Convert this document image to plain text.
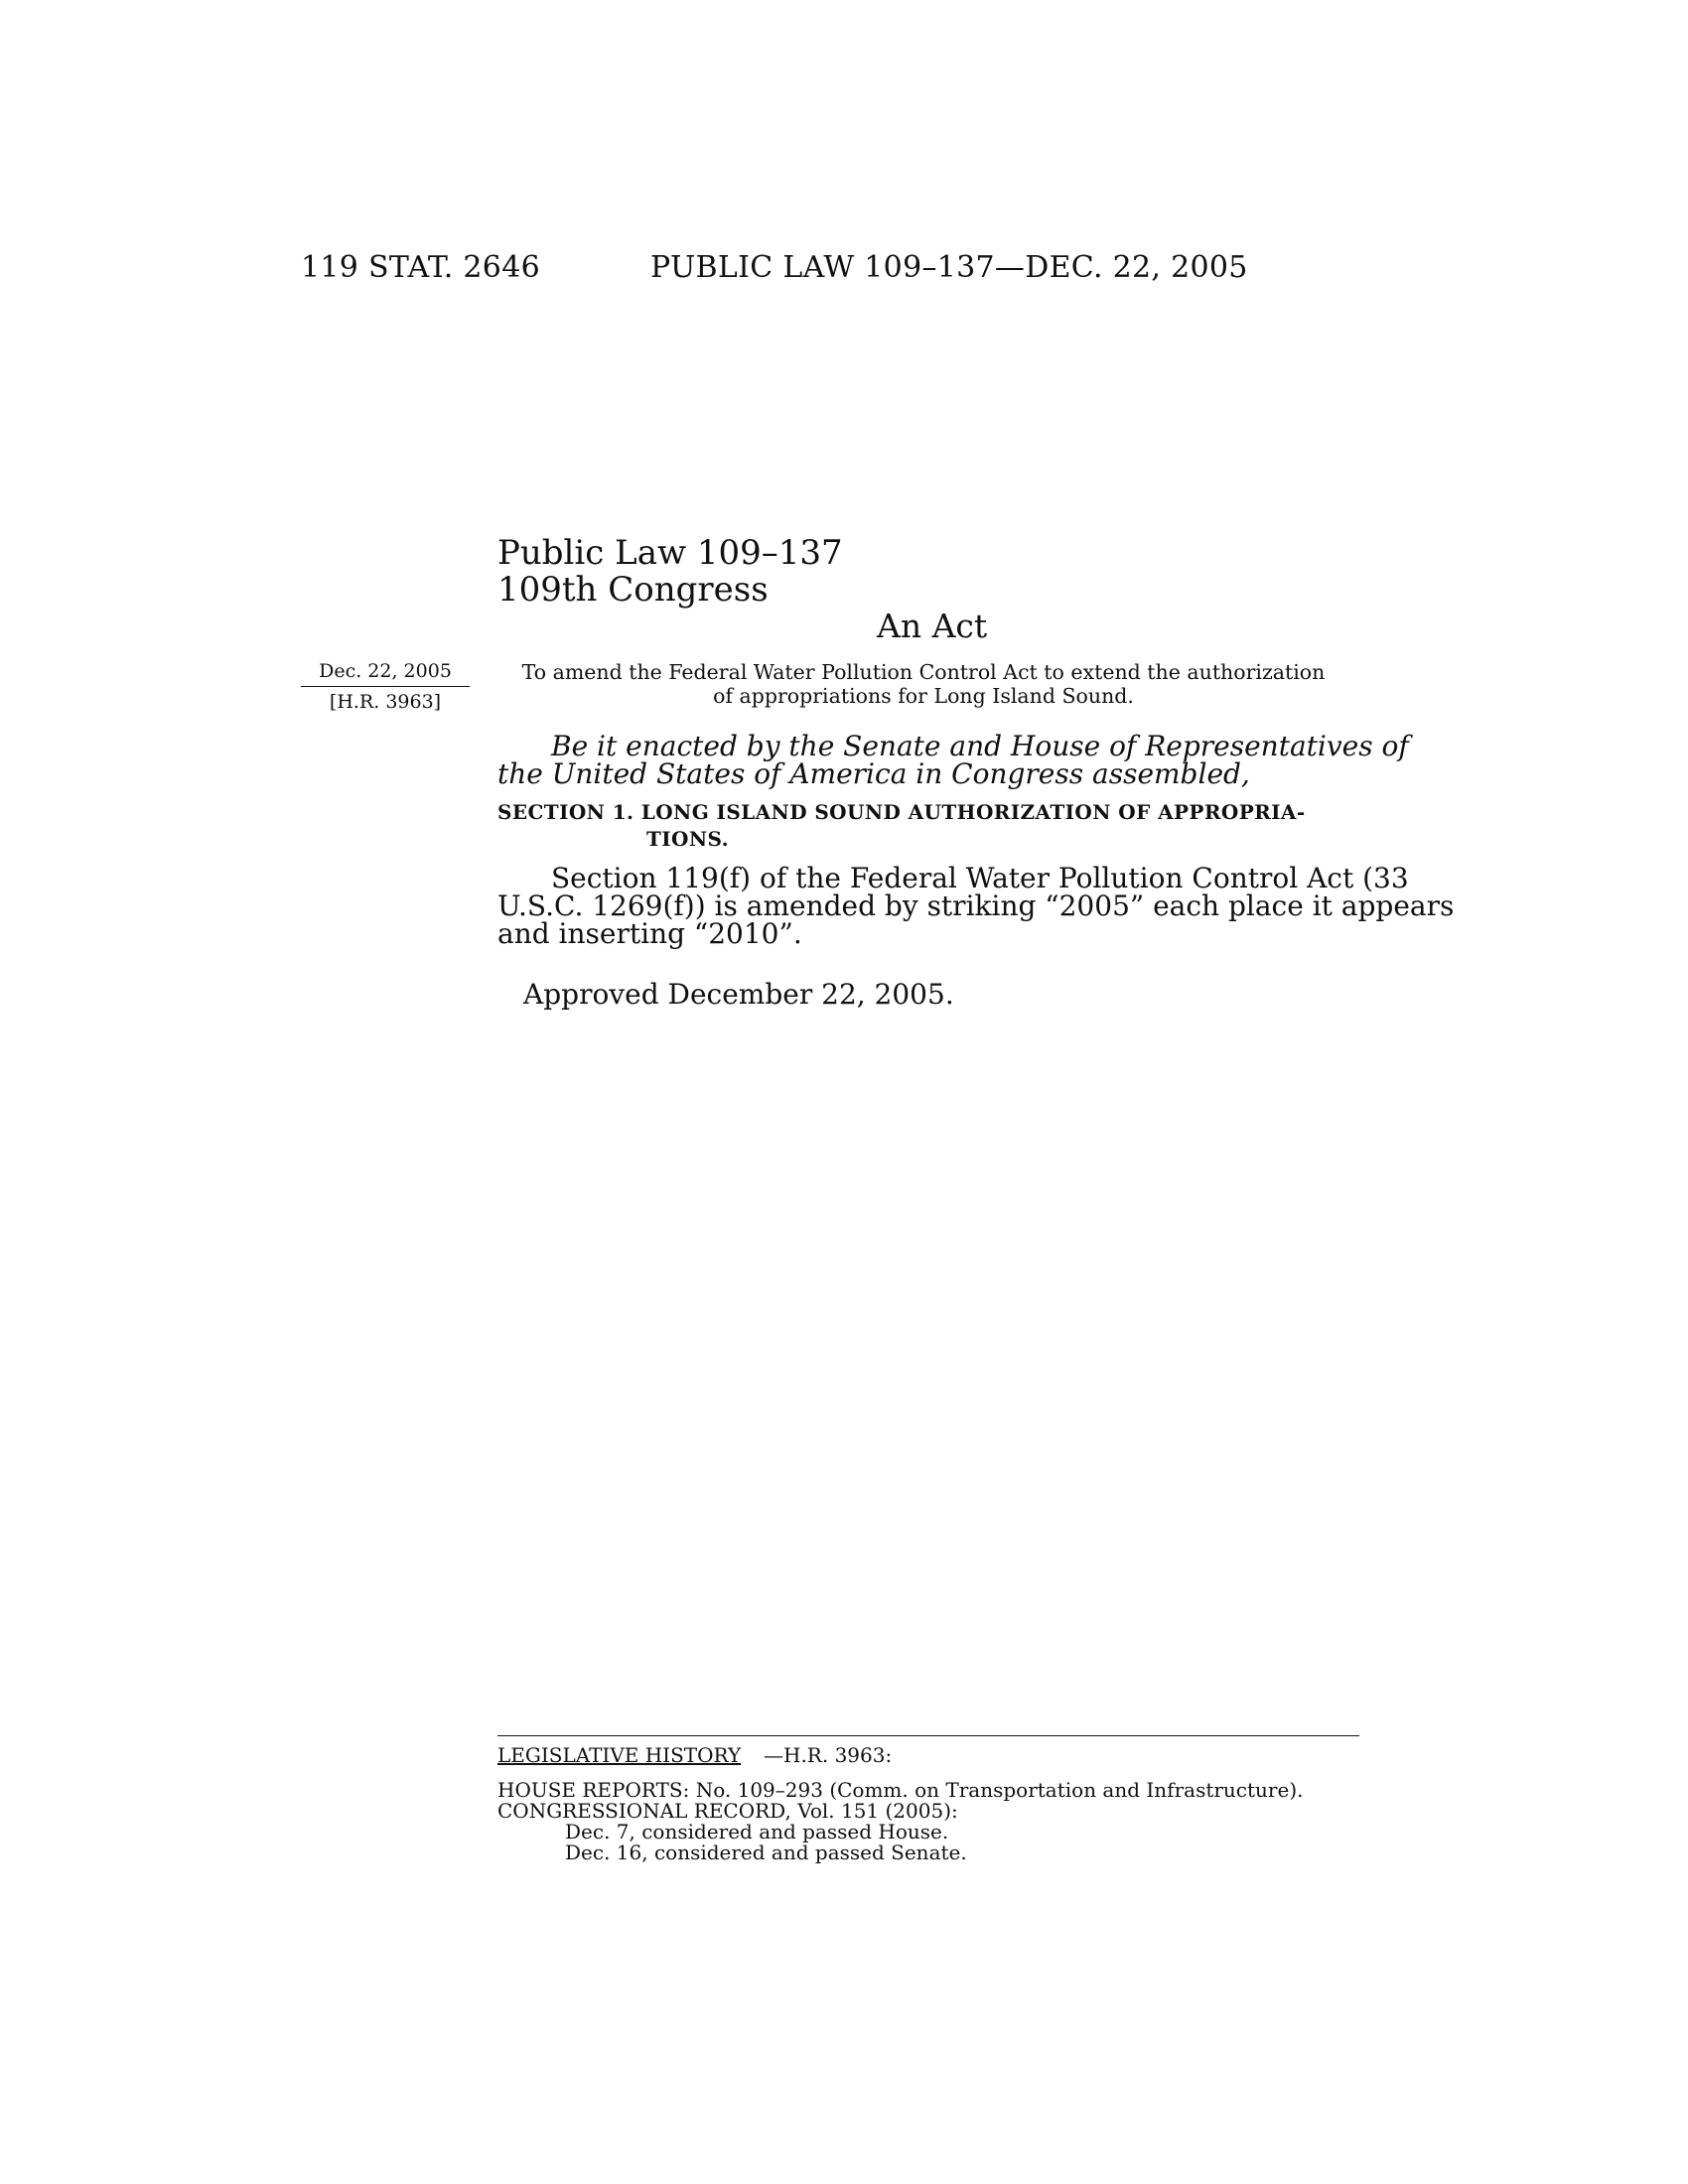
119 STAT. 2646	PUBLIC LAW 109–137—DEC. 22, 2005
Public Law 109–137
109th Congress
An Act
Dec. 22, 2005
[H.R. 3963]
To amend the Federal Water Pollution Control Act to extend the authorization
of appropriations for Long Island Sound.
Be it enacted by the Senate and House of Representatives of
the United States of America in Congress assembled,
SECTION 1. LONG ISLAND SOUND AUTHORIZATION OF APPROPRIA-
TIONS.
Section 119(f) of the Federal Water Pollution Control Act (33
U.S.C. 1269(f)) is amended by striking “2005” each place it appears
and inserting “2010”.
Approved December 22, 2005.
LEGISLATIVE HISTORY —H.R. 3963:
HOUSE REPORTS: No. 109–293 (Comm. on Transportation and Infrastructure).
CONGRESSIONAL RECORD, Vol. 151 (2005):
Dec. 7, considered and passed House.
Dec. 16, considered and passed Senate.
